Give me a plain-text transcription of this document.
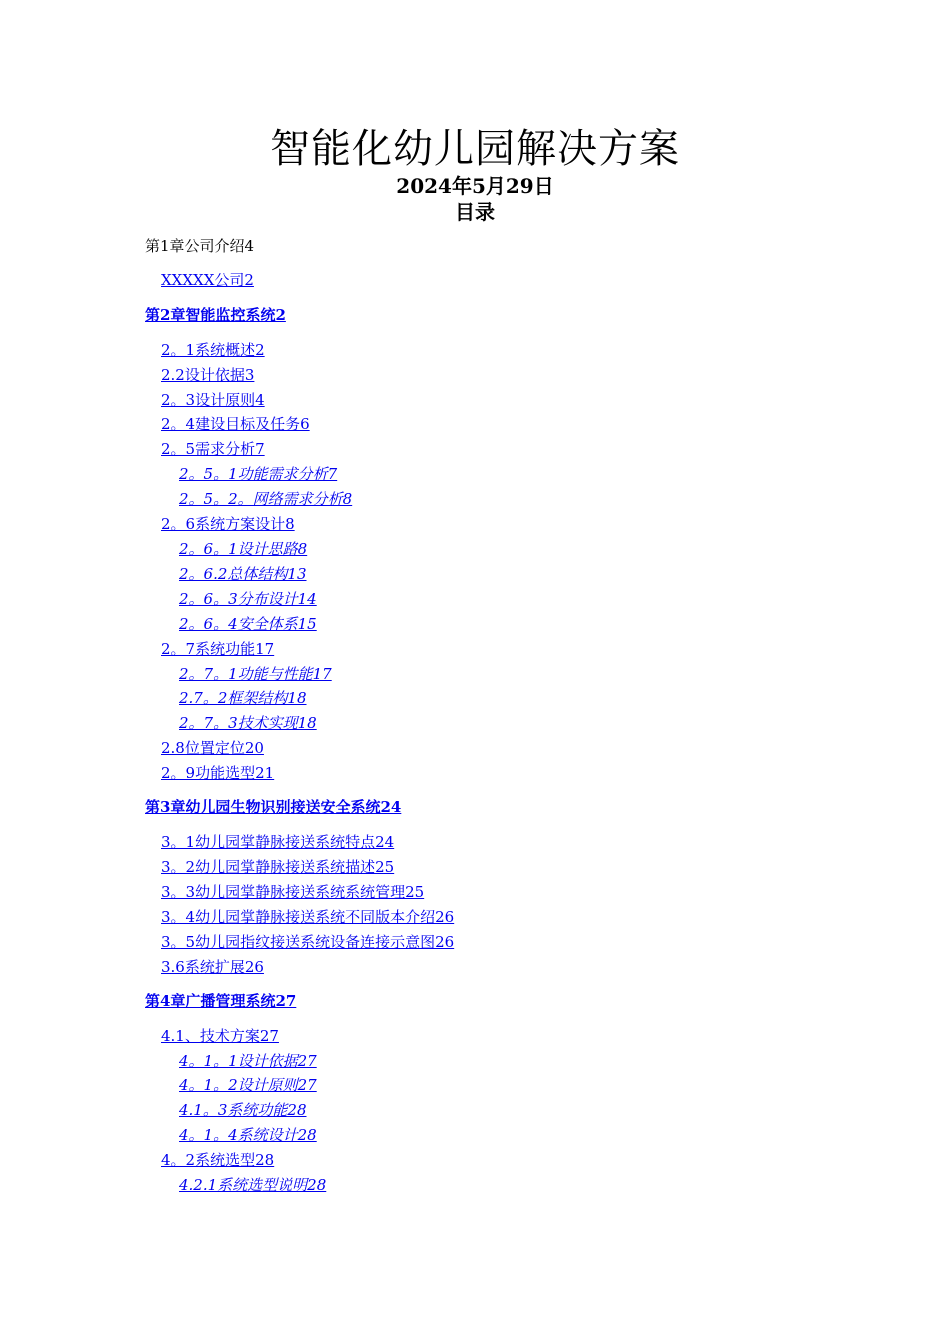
智能化幼儿园解决方案
2024年5月29日
目录
第1章公司介绍4
XXXXX公司2
第2章智能监控系统2
2。1系统概述2
2.2设计依据3
2。3设计原则4
2。4建设目标及任务6
2。5需求分析7
2。5。1功能需求分析7
2。5。2。网络需求分析8
2。6系统方案设计8
2。6。1设计思路8
2。6.2总体结构13
2。6。3分布设计14
2。6。4安全体系15
2。7系统功能17
2。7。1功能与性能17
2.7。2框架结构18
2。7。3技术实现18
2.8位置定位20
2。9功能选型21
第3章幼儿园生物识别接送安全系统24
3。1幼儿园掌静脉接送系统特点24
3。2幼儿园掌静脉接送系统描述25
3。3幼儿园掌静脉接送系统系统管理25
3。4幼儿园掌静脉接送系统不同版本介绍26
3。5幼儿园指纹接送系统设备连接示意图26
3.6系统扩展26
第4章广播管理系统27
4.1、技术方案27
4。1。1设计依据27
4。1。2设计原则27
4.1。3系统功能28
4。1。4系统设计28
4。2系统选型28
4.2.1系统选型说明28
